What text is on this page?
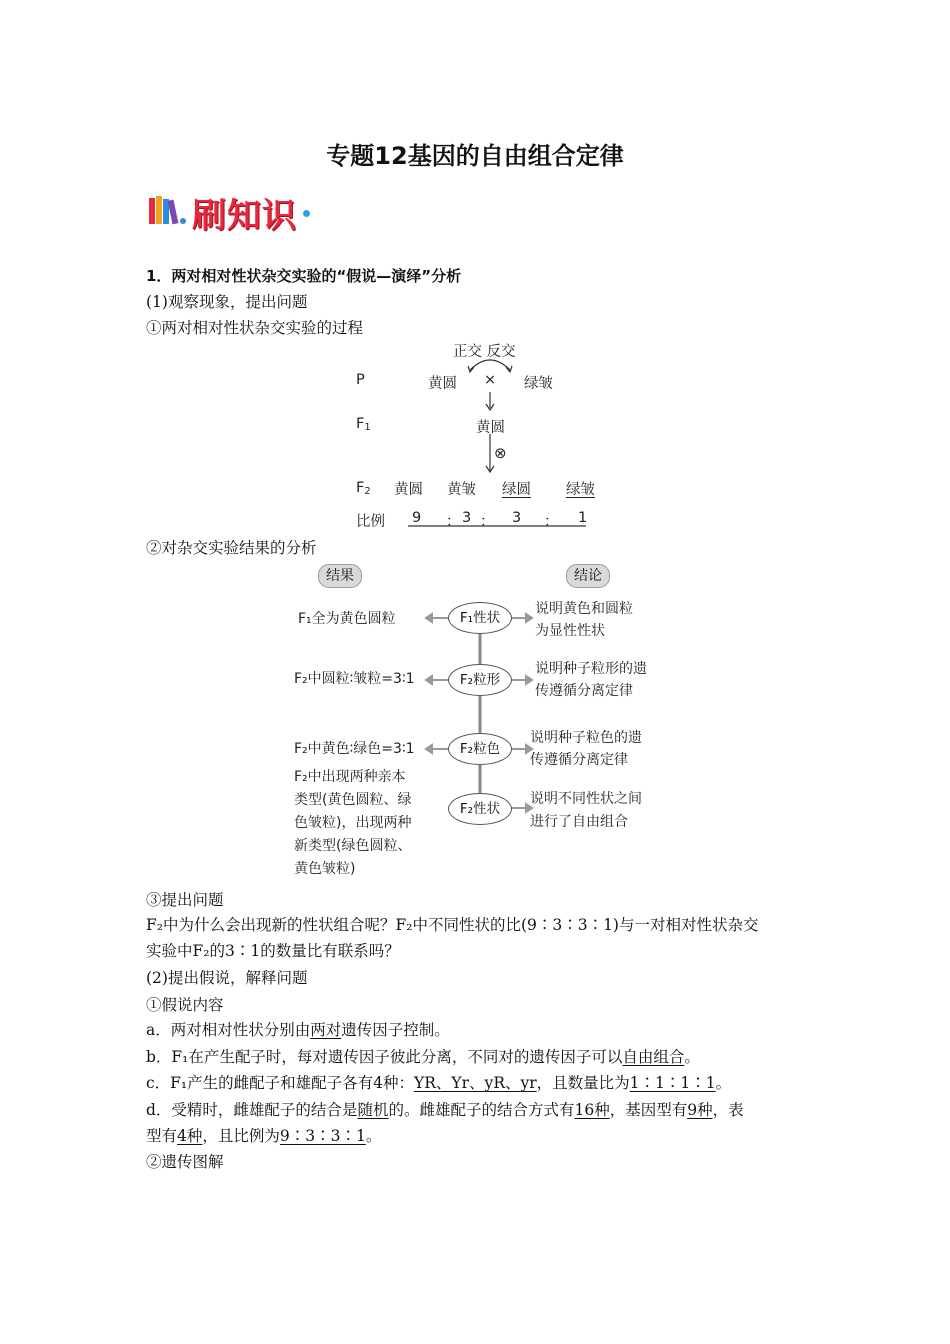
专题12基因的自由组合定律
刷知识
1．两对相对性状杂交实验的“假说—演绎”分析
(1)观察现象，提出问题
①两对相对性状杂交实验的过程
正交 反交
P	黄圆 × 绿皱
$F_1$	黄圆
⊗
$F_2$ 黄圆 黄皱 绿圆 绿皱
比例 9 ： 3 ： 3 ： 1
②对杂交实验结果的分析
结果	结论
F₁全为黄色圆粒	F₁性状
说明黄色和圆粒
为显性性状
F₂中圆粒∶皱粒=3∶1	F₂粒形
说明种子粒形的遗
传遵循分离定律
F₂中黄色∶绿色=3∶1	F₂粒色
说明种子粒色的遗
传遵循分离定律
F₂中出现两种亲本
类型(黄色圆粒、绿
色皱粒)，出现两种
新类型(绿色圆粒、
黄色皱粒)
F₂性状
说明不同性状之间
进行了自由组合
③提出问题
F₂中为什么会出现新的性状组合呢？F₂中不同性状的比(9∶3∶3∶1)与一对相对性状杂交
实验中F₂的3∶1的数量比有联系吗？
(2)提出假说，解释问题
①假说内容
a．两对相对性状分别由两对遗传因子控制。
b．F₁在产生配子时，每对遗传因子彼此分离，不同对的遗传因子可以自由组合。
c．F₁产生的雌配子和雄配子各有4种：YR、Yr、yR、yr，且数量比为1∶1∶1∶1。
d．受精时，雌雄配子的结合是随机的。雌雄配子的结合方式有16种，基因型有9种，表
型有4种，且比例为9∶3∶3∶1。
②遗传图解
